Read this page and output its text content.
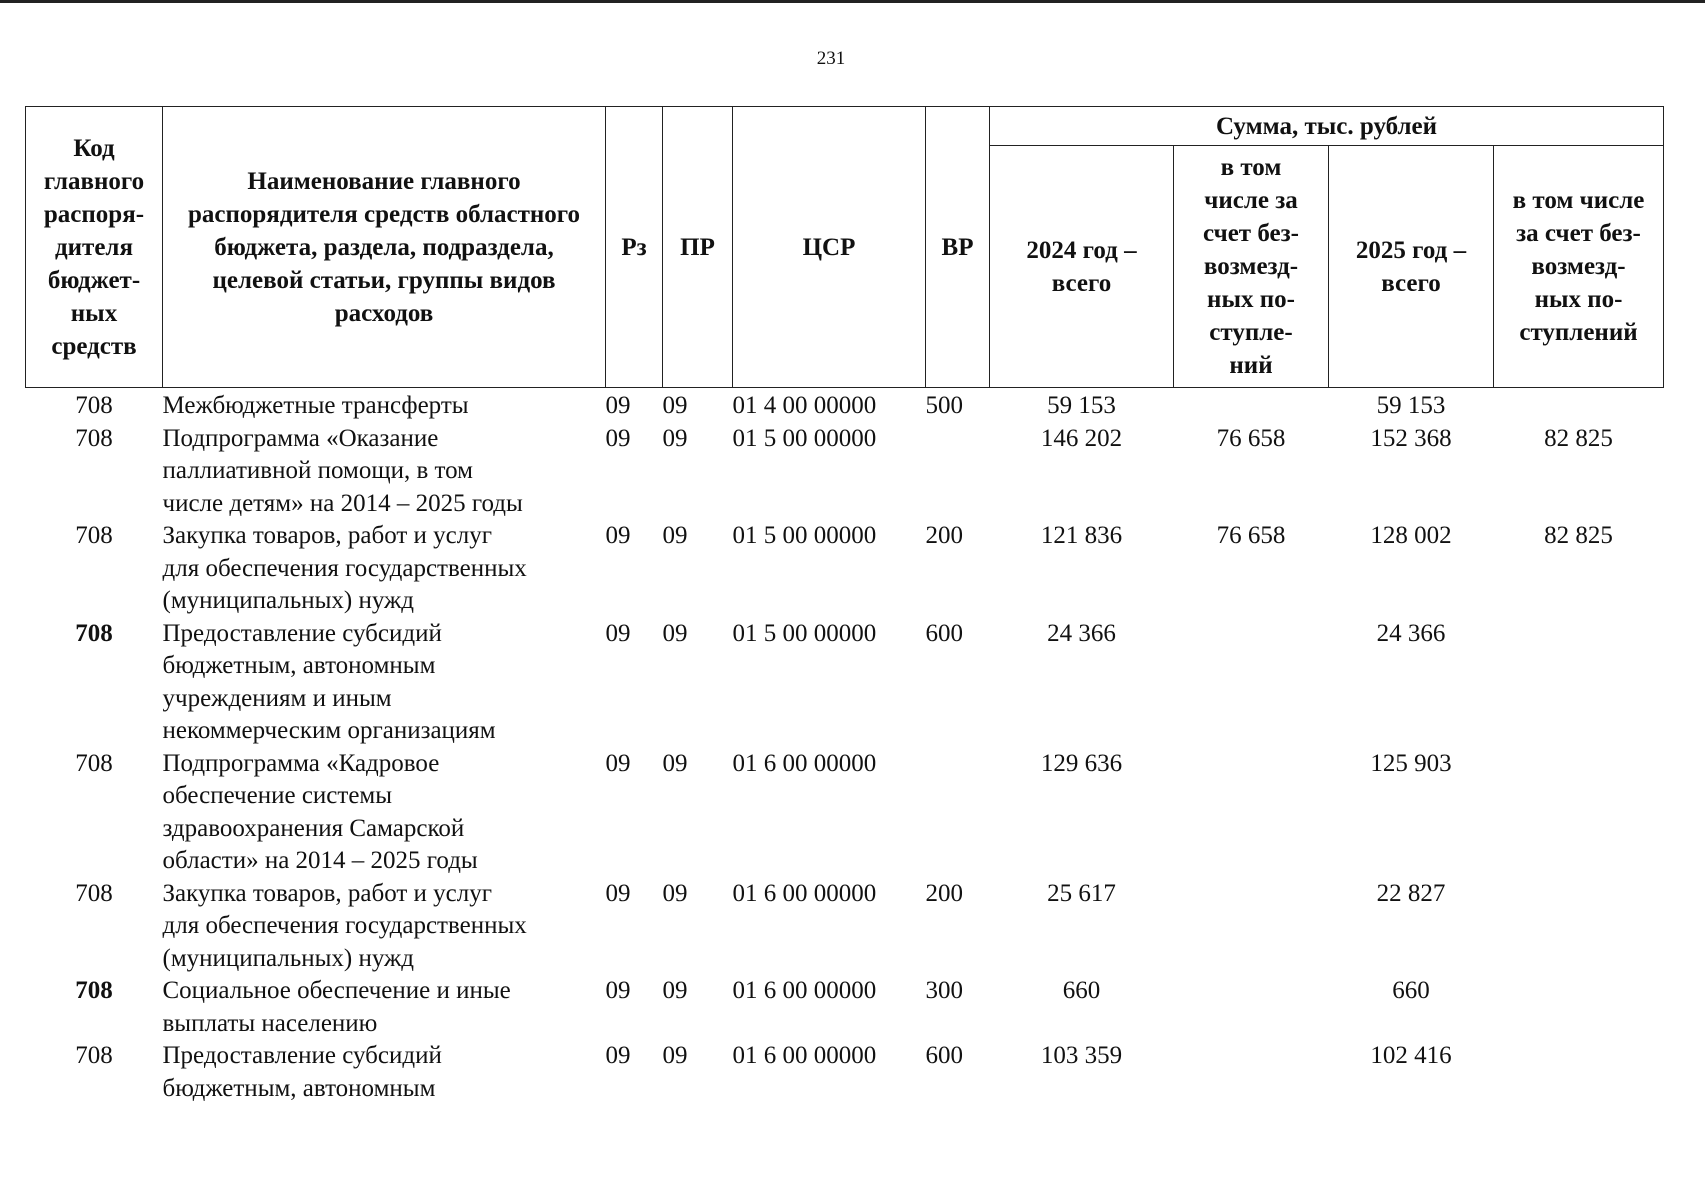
231
Код главного распоря-дителя бюджет-ных средств	Наименование главного распорядителя средств областного бюджета, раздела, подраздела, целевой статьи, группы видов расходов	Рз	ПР	ЦСР	ВР	Сумма, тыс. рублей			

						2024 год – всего	в том числе за счет без-возмезд-ных по-ступле-ний	2025 год – всего	в том числе за счет без-возмезд-ных по-ступлений

708	Межбюджетные трансферты	09	09	01 4 00 00000	500	59 153		59 153	
708	Подпрограмма «Оказание
паллиативной помощи, в том
числе детям» на 2014 – 2025 годы	09	09	01 5 00 00000		146 202	76 658	152 368	82 825
708	Закупка товаров, работ и услуг
для обеспечения государственных
(муниципальных) нужд	09	09	01 5 00 00000	200	121 836	76 658	128 002	82 825
708	Предоставление субсидий
бюджетным, автономным
учреждениям и иным
некоммерческим организациям	09	09	01 5 00 00000	600	24 366		24 366	
708	Подпрограмма «Кадровое
обеспечение системы
здравоохранения Самарской
области» на 2014 – 2025 годы	09	09	01 6 00 00000		129 636		125 903	
708	Закупка товаров, работ и услуг
для обеспечения государственных
(муниципальных) нужд	09	09	01 6 00 00000	200	25 617		22 827	
708	Социальное обеспечение и иные
выплаты населению	09	09	01 6 00 00000	300	660		660	
708	Предоставление субсидий
бюджетным, автономным	09	09	01 6 00 00000	600	103 359		102 416	
